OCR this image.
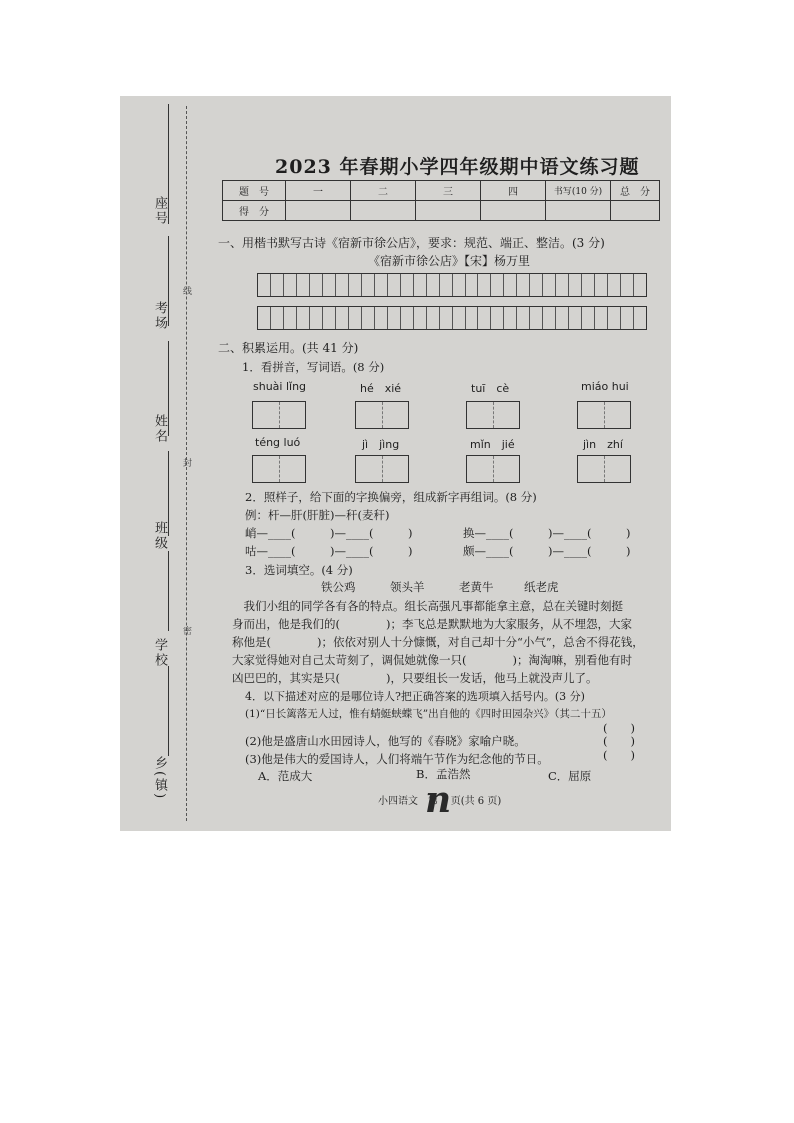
座号
考场
姓名
班级
学校
乡(镇)
线
封
密
2023 年春期小学四年级期中语文练习题
题　号	一	二	三	四	书写(10 分)	总　分
得　分						
一、用楷书默写古诗《宿新市徐公店》，要求：规范、端正、整洁。(3 分)
《宿新市徐公店》【宋】杨万里
二、积累运用。(共 41 分)
1．看拼音，写词语。(8 分)
shuài lǐng	hé　xié	tuī　cè	miáo hui
téng luó	jì　jìng	mǐn　jié	jìn　zhí
2．照样子，给下面的字换偏旁，组成新字再组词。(8 分)
例：杆—肝(肝脏)—秆(麦秆)
峭—____(　　　)—____(　　　)	换—____(　　　)—____(　　　)
咕—____(　　　)—____(　　　)	颇—____(　　　)—____(　　　)
3．选词填空。(4 分)
铁公鸡	领头羊	老黄牛	纸老虎
　我们小组的同学各有各的特点。组长高强凡事都能拿主意，总在关键时刻挺
身而出，他是我们的(　　　　)；李飞总是默默地为大家服务，从不埋怨，大家
称他是(　　　　)；依依对别人十分慷慨，对自己却十分“小气”，总舍不得花钱，
大家觉得她对自己太苛刻了，调侃她就像一只(　　　　)；淘淘嘛，别看他有时
凶巴巴的，其实是只(　　　　)，只要组长一发话，他马上就没声儿了。
4．以下描述对应的是哪位诗人?把正确答案的选项填入括号内。(3 分)
(1)“日长篱落无人过，惟有蜻蜓蛱蝶飞”出自他的《四时田园杂兴》（其二十五）
(　　)
(2)他是盛唐山水田园诗人，他写的《春晓》家喻户晓。	(　　)
(3)他是伟大的爱国诗人，人们将端午节作为纪念他的节日。	(　　)
A．范成大	B．孟浩然	C．屈原
小四语文　第 1 页(共 6 页)
n
